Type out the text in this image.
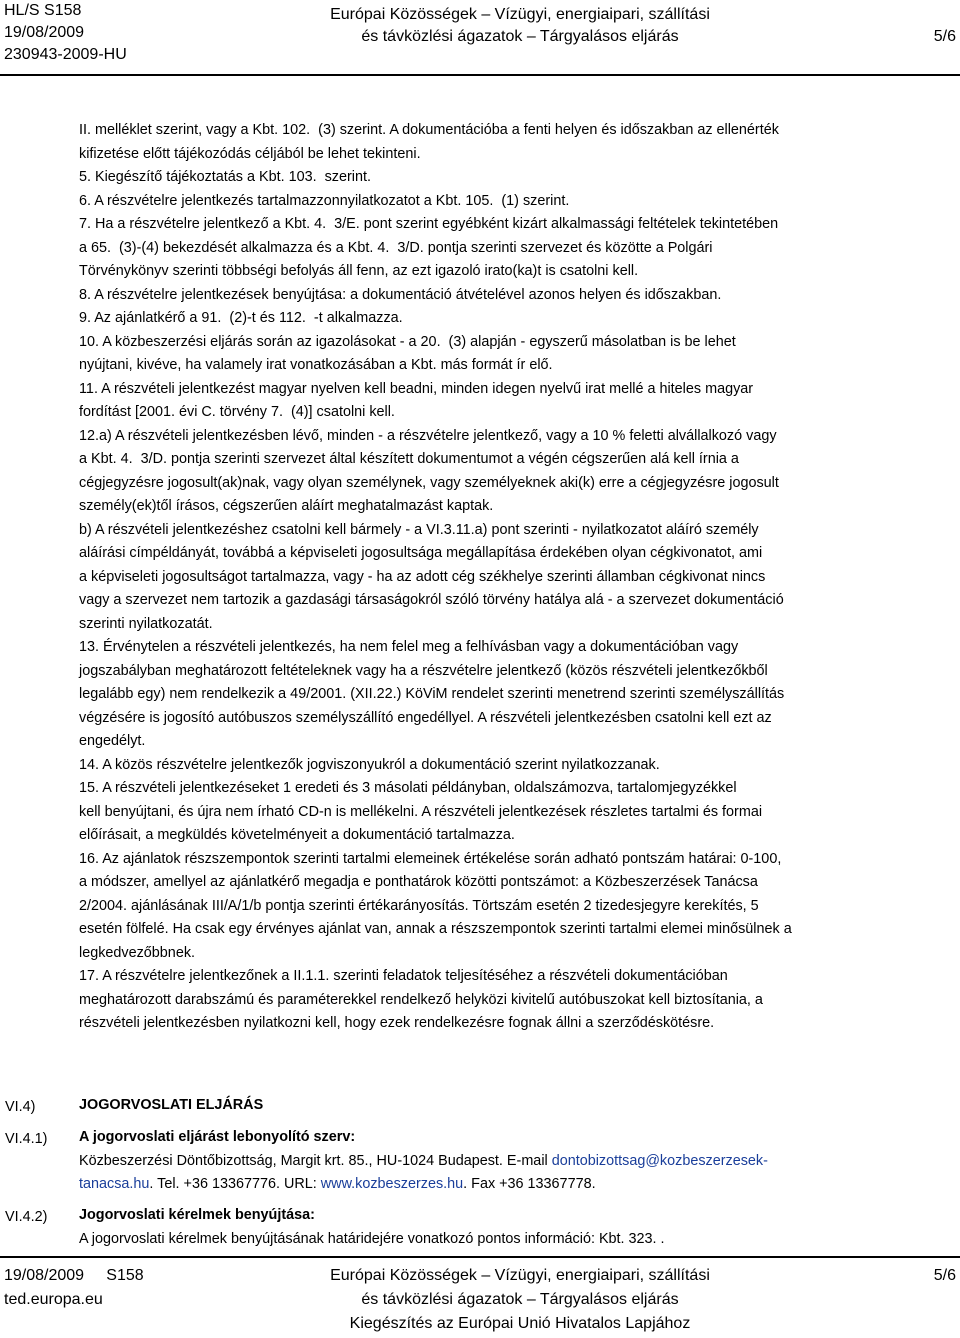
HL/S S158
19/08/2009
230943-2009-HU
Európai Közösségek – Vízügyi, energiaipari, szállítási
és távközlési ágazatok – Tárgyalásos eljárás	5/6

II. melléklet szerint, vagy a Kbt. 102.  (3) szerint. A dokumentációba a fenti helyen és időszakban az ellenérték

kifizetése előtt tájékozódás céljából be lehet tekinteni.

5. Kiegészítő tájékoztatás a Kbt. 103.  szerint.

6. A részvételre jelentkezés tartalmazzonnyilatkozatot a Kbt. 105.  (1) szerint.

7. Ha a részvételre jelentkező a Kbt. 4.  3/E. pont szerint egyébként kizárt alkalmassági feltételek tekintetében

a 65.  (3)-(4) bekezdését alkalmazza és a Kbt. 4.  3/D. pontja szerinti szervezet és közötte a Polgári

Törvénykönyv szerinti többségi befolyás áll fenn, az ezt igazoló irato(ka)t is csatolni kell.

8. A részvételre jelentkezések benyújtása: a dokumentáció átvételével azonos helyen és időszakban.

9. Az ajánlatkérő a 91.  (2)-t és 112.  -t alkalmazza.

10. A közbeszerzési eljárás során az igazolásokat - a 20.  (3) alapján - egyszerű másolatban is be lehet

nyújtani, kivéve, ha valamely irat vonatkozásában a Kbt. más formát ír elő.

11. A részvételi jelentkezést magyar nyelven kell beadni, minden idegen nyelvű irat mellé a hiteles magyar

fordítást [2001. évi C. törvény 7.  (4)] csatolni kell.

12.a) A részvételi jelentkezésben lévő, minden - a részvételre jelentkező, vagy a 10 % feletti alvállalkozó vagy

a Kbt. 4.  3/D. pontja szerinti szervezet által készített dokumentumot a végén cégszerűen alá kell írnia a

cégjegyzésre jogosult(ak)nak, vagy olyan személynek, vagy személyeknek aki(k) erre a cégjegyzésre jogosult

személy(ek)től írásos, cégszerűen aláírt meghatalmazást kaptak.

b) A részvételi jelentkezéshez csatolni kell bármely - a VI.3.11.a) pont szerinti - nyilatkozatot aláíró személy

aláírási címpéldányát, továbbá a képviseleti jogosultsága megállapítása érdekében olyan cégkivonatot, ami

a képviseleti jogosultságot tartalmazza, vagy - ha az adott cég székhelye szerinti államban cégkivonat nincs

vagy a szervezet nem tartozik a gazdasági társaságokról szóló törvény hatálya alá - a szervezet dokumentáció

szerinti nyilatkozatát.

13. Érvénytelen a részvételi jelentkezés, ha nem felel meg a felhívásban vagy a dokumentációban vagy

jogszabályban meghatározott feltételeknek vagy ha a részvételre jelentkező (közös részvételi jelentkezőkből

legalább egy) nem rendelkezik a 49/2001. (XII.22.) KöViM rendelet szerinti menetrend szerinti személyszállítás

végzésére is jogosító autóbuszos személyszállító engedéllyel. A részvételi jelentkezésben csatolni kell ezt az

engedélyt.

14. A közös részvételre jelentkezők jogviszonyukról a dokumentáció szerint nyilatkozzanak.

15. A részvételi jelentkezéseket 1 eredeti és 3 másolati példányban, oldalszámozva, tartalomjegyzékkel

kell benyújtani, és újra nem írható CD-n is mellékelni. A részvételi jelentkezések részletes tartalmi és formai

előírásait, a megküldés követelményeit a dokumentáció tartalmazza.

16. Az ajánlatok részszempontok szerinti tartalmi elemeinek értékelése során adható pontszám határai: 0-100,

a módszer, amellyel az ajánlatkérő megadja e ponthatárok közötti pontszámot: a Közbeszerzések Tanácsa

2/2004. ajánlásának III/A/1/b pontja szerinti értékarányosítás. Törtszám esetén 2 tizedesjegyre kerekítés, 5

esetén fölfelé. Ha csak egy érvényes ajánlat van, annak a részszempontok szerinti tartalmi elemei minősülnek a

legkedvezőbbnek.

17. A részvételre jelentkezőnek a II.1.1. szerinti feladatok teljesítéséhez a részvételi dokumentációban

meghatározott darabszámú és paraméterekkel rendelkező helyközi kivitelű autóbuszokat kell biztosítania, a

részvételi jelentkezésben nyilatkozni kell, hogy ezek rendelkezésre fognak állni a szerződéskötésre.

VI.4)	JOGORVOSLATI ELJÁRÁS

VI.4.1) A jogorvoslati eljárást lebonyolító szerv:

Közbeszerzési Döntőbizottság, Margit krt. 85., HU-1024 Budapest. E-mail dontobizottsag@kozbeszerzesek-

tanacsa.hu. Tel. +36 13367776. URL: www.kozbeszerzes.hu. Fax +36 13367778.

VI.4.2) Jogorvoslati kérelmek benyújtása:

A jogorvoslati kérelmek benyújtásának határidejére vonatkozó pontos információ: Kbt. 323. .

19/08/2009     S158
ted.europa.eu
Európai Közösségek – Vízügyi, energiaipari, szállítási
és távközlési ágazatok – Tárgyalásos eljárás
Kiegészítés az Európai Unió Hivatalos Lapjához
5/6
